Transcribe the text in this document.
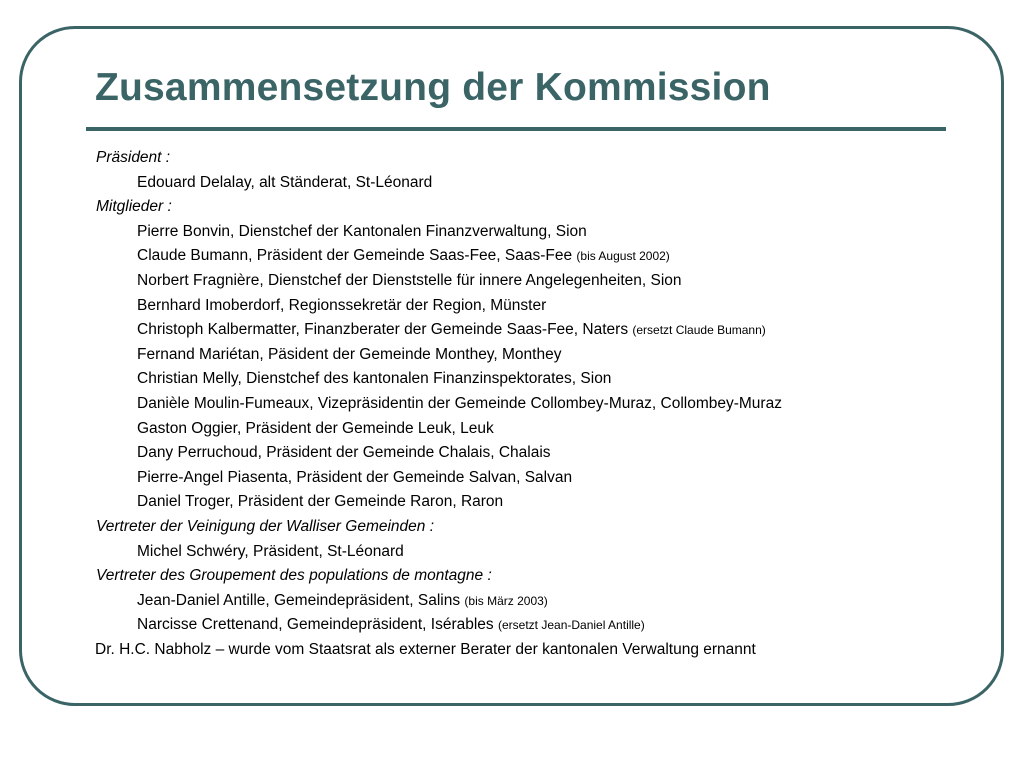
Zusammensetzung der Kommission
Präsident :
Edouard Delalay, alt Ständerat, St-Léonard
Mitglieder :
Pierre Bonvin, Dienstchef der Kantonalen Finanzverwaltung, Sion
Claude Bumann, Präsident der Gemeinde Saas-Fee, Saas-Fee (bis August 2002)
Norbert Fragnière, Dienstchef der Dienststelle für innere Angelegenheiten, Sion
Bernhard Imoberdorf, Regionssekretär der Region, Münster
Christoph Kalbermatter, Finanzberater der Gemeinde Saas-Fee, Naters (ersetzt Claude Bumann)
Fernand Mariétan, Päsident der Gemeinde Monthey, Monthey
Christian Melly, Dienstchef des kantonalen Finanzinspektorates, Sion
Danièle Moulin-Fumeaux, Vizepräsidentin der Gemeinde Collombey-Muraz, Collombey-Muraz
Gaston Oggier, Präsident der Gemeinde Leuk, Leuk
Dany Perruchoud, Präsident der Gemeinde Chalais, Chalais
Pierre-Angel Piasenta, Präsident der Gemeinde Salvan, Salvan
Daniel Troger, Präsident der Gemeinde Raron, Raron
Vertreter der Veinigung der Walliser Gemeinden :
Michel Schwéry, Präsident, St-Léonard
Vertreter des Groupement des populations de montagne :
Jean-Daniel Antille, Gemeindepräsident, Salins (bis März 2003)
Narcisse Crettenand, Gemeindepräsident, Isérables (ersetzt Jean-Daniel Antille)
Dr. H.C. Nabholz – wurde vom Staatsrat als externer Berater der kantonalen Verwaltung ernannt
